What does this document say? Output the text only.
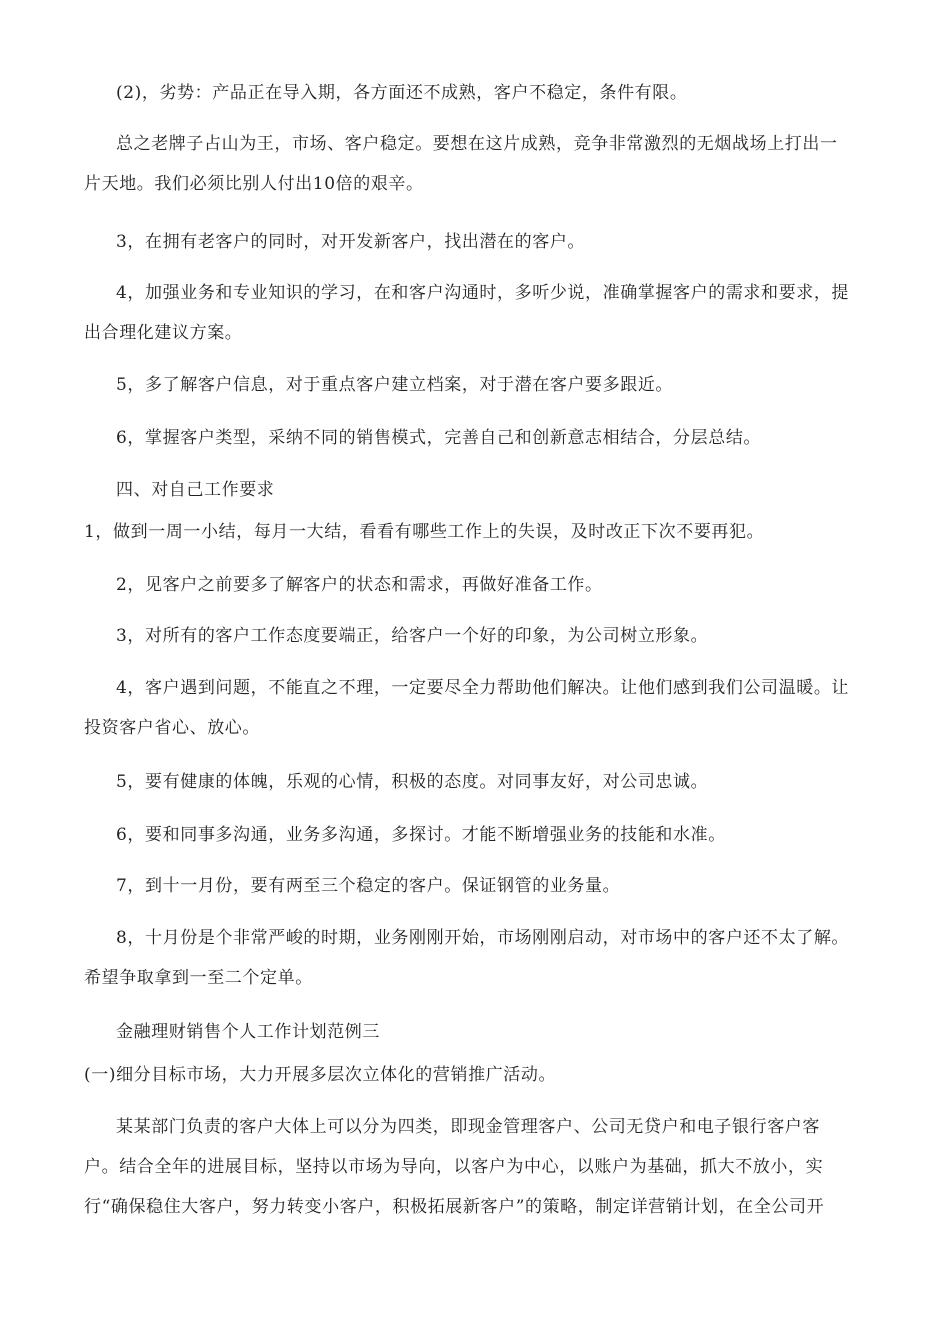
(2)，劣势：产品正在导入期，各方面还不成熟，客户不稳定，条件有限。
总之老牌子占山为王，市场、客户稳定。要想在这片成熟，竞争非常激烈的无烟战场上打出一
片天地。我们必须比别人付出10倍的艰辛。
3，在拥有老客户的同时，对开发新客户，找出潜在的客户。
4，加强业务和专业知识的学习，在和客户沟通时，多听少说，准确掌握客户的需求和要求，提
出合理化建议方案。
5，多了解客户信息，对于重点客户建立档案，对于潜在客户要多跟近。
6，掌握客户类型，采纳不同的销售模式，完善自己和创新意志相结合，分层总结。
四、对自己工作要求
1，做到一周一小结，每月一大结，看看有哪些工作上的失误，及时改正下次不要再犯。
2，见客户之前要多了解客户的状态和需求，再做好准备工作。
3，对所有的客户工作态度要端正，给客户一个好的印象，为公司树立形象。
4，客户遇到问题，不能直之不理，一定要尽全力帮助他们解决。让他们感到我们公司温暖。让
投资客户省心、放心。
5，要有健康的体魄，乐观的心情，积极的态度。对同事友好，对公司忠诚。
6，要和同事多沟通，业务多沟通，多探讨。才能不断增强业务的技能和水准。
7，到十一月份，要有两至三个稳定的客户。保证钢管的业务量。
8，十月份是个非常严峻的时期，业务刚刚开始，市场刚刚启动，对市场中的客户还不太了解。
希望争取拿到一至二个定单。
金融理财销售个人工作计划范例三
(一)细分目标市场，大力开展多层次立体化的营销推广活动。
某某部门负责的客户大体上可以分为四类，即现金管理客户、公司无贷户和电子银行客户客
户。结合全年的进展目标，坚持以市场为导向，以客户为中心，以账户为基础，抓大不放小，实
行“确保稳住大客户，努力转变小客户，积极拓展新客户”的策略，制定详营销计划，在全公司开
